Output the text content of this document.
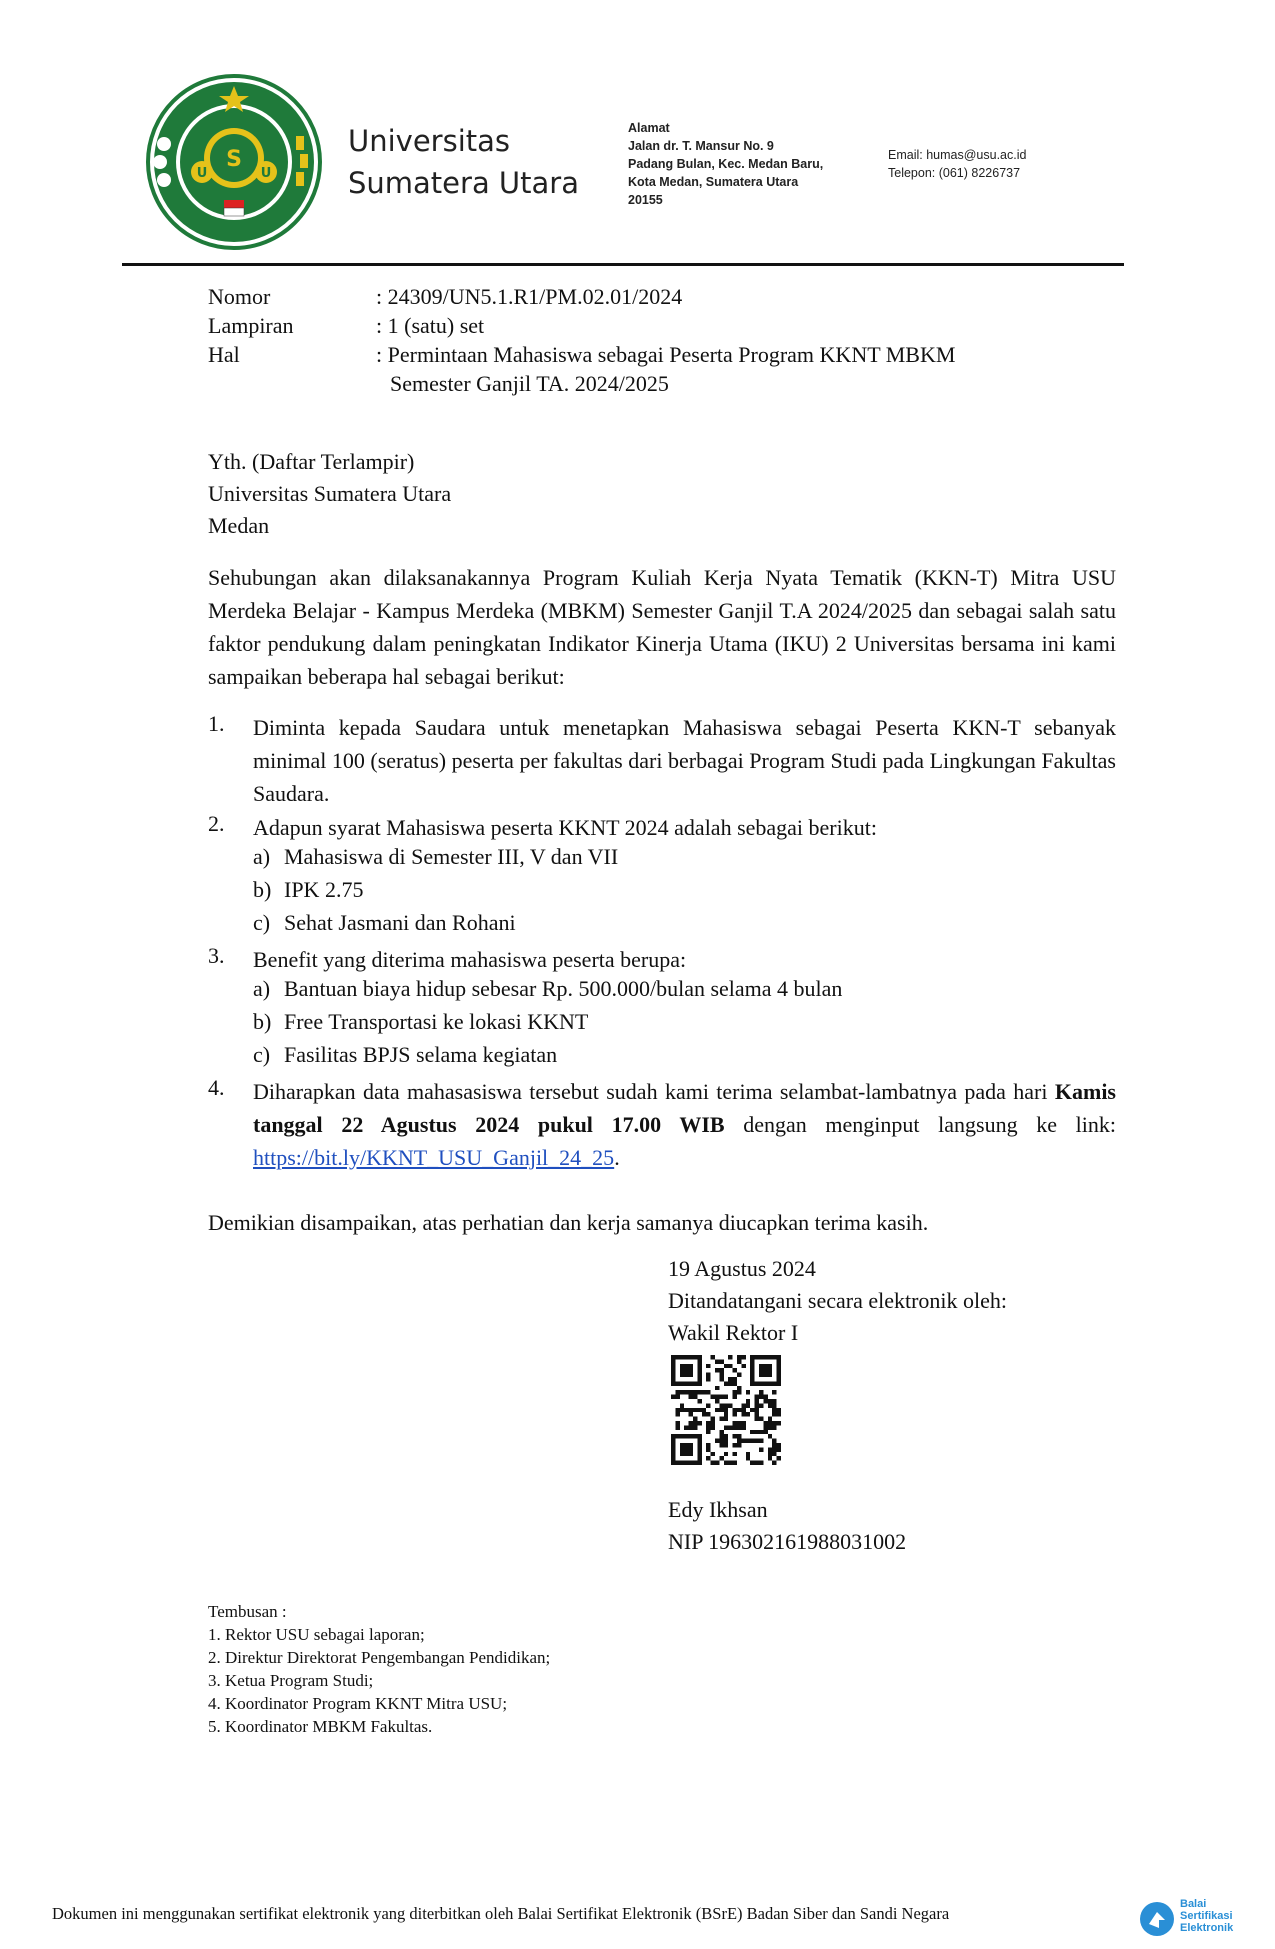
S
U	U
Universitas
Sumatera Utara
Alamat
Jalan dr. T. Mansur No. 9
Padang Bulan, Kec. Medan Baru,
Kota Medan, Sumatera Utara
20155
Email: humas@usu.ac.id
Telepon: (061) 8226737
Nomor	: 24309/UN5.1.R1/PM.02.01/2024
Lampiran	: 1 (satu) set
Hal	: Permintaan Mahasiswa sebagai Peserta Program KKNT MBKM
Semester Ganjil TA. 2024/2025
Yth. (Daftar Terlampir)
Universitas Sumatera Utara
Medan
Sehubungan akan dilaksanakannya Program Kuliah Kerja Nyata Tematik (KKN-T) Mitra USU Merdeka Belajar - Kampus Merdeka (MBKM) Semester Ganjil T.A 2024/2025 dan sebagai salah satu faktor pendukung dalam peningkatan Indikator Kinerja Utama (IKU) 2 Universitas bersama ini kami sampaikan beberapa hal sebagai berikut:
1. Diminta kepada Saudara untuk menetapkan Mahasiswa sebagai Peserta KKN-T sebanyak minimal 100 (seratus) peserta per fakultas dari berbagai Program Studi pada Lingkungan Fakultas Saudara.
2. Adapun syarat Mahasiswa peserta KKNT 2024 adalah sebagai berikut:
a) Mahasiswa di Semester III, V dan VII
b) IPK 2.75
c) Sehat Jasmani dan Rohani
3. Benefit yang diterima mahasiswa peserta berupa:
a) Bantuan biaya hidup sebesar Rp. 500.000/bulan selama 4 bulan
b) Free Transportasi ke lokasi KKNT
c) Fasilitas BPJS selama kegiatan
4. Diharapkan data mahasasiswa tersebut sudah kami terima selambat-lambatnya pada hari Kamis tanggal 22 Agustus 2024 pukul 17.00 WIB dengan menginput langsung ke link: https://bit.ly/KKNT_USU_Ganjil_24_25.
Demikian disampaikan, atas perhatian dan kerja samanya diucapkan terima kasih.
19 Agustus 2024
Ditandatangani secara elektronik oleh:
Wakil Rektor I
Edy Ikhsan
NIP 196302161988031002
Tembusan :
1. Rektor USU sebagai laporan;
2. Direktur Direktorat Pengembangan Pendidikan;
3. Ketua Program Studi;
4. Koordinator Program KKNT Mitra USU;
5. Koordinator MBKM Fakultas.
Dokumen ini menggunakan sertifikat elektronik yang diterbitkan oleh Balai Sertifikat Elektronik (BSrE) Badan Siber dan Sandi Negara	Balai
Sertifikasi
Elektronik
